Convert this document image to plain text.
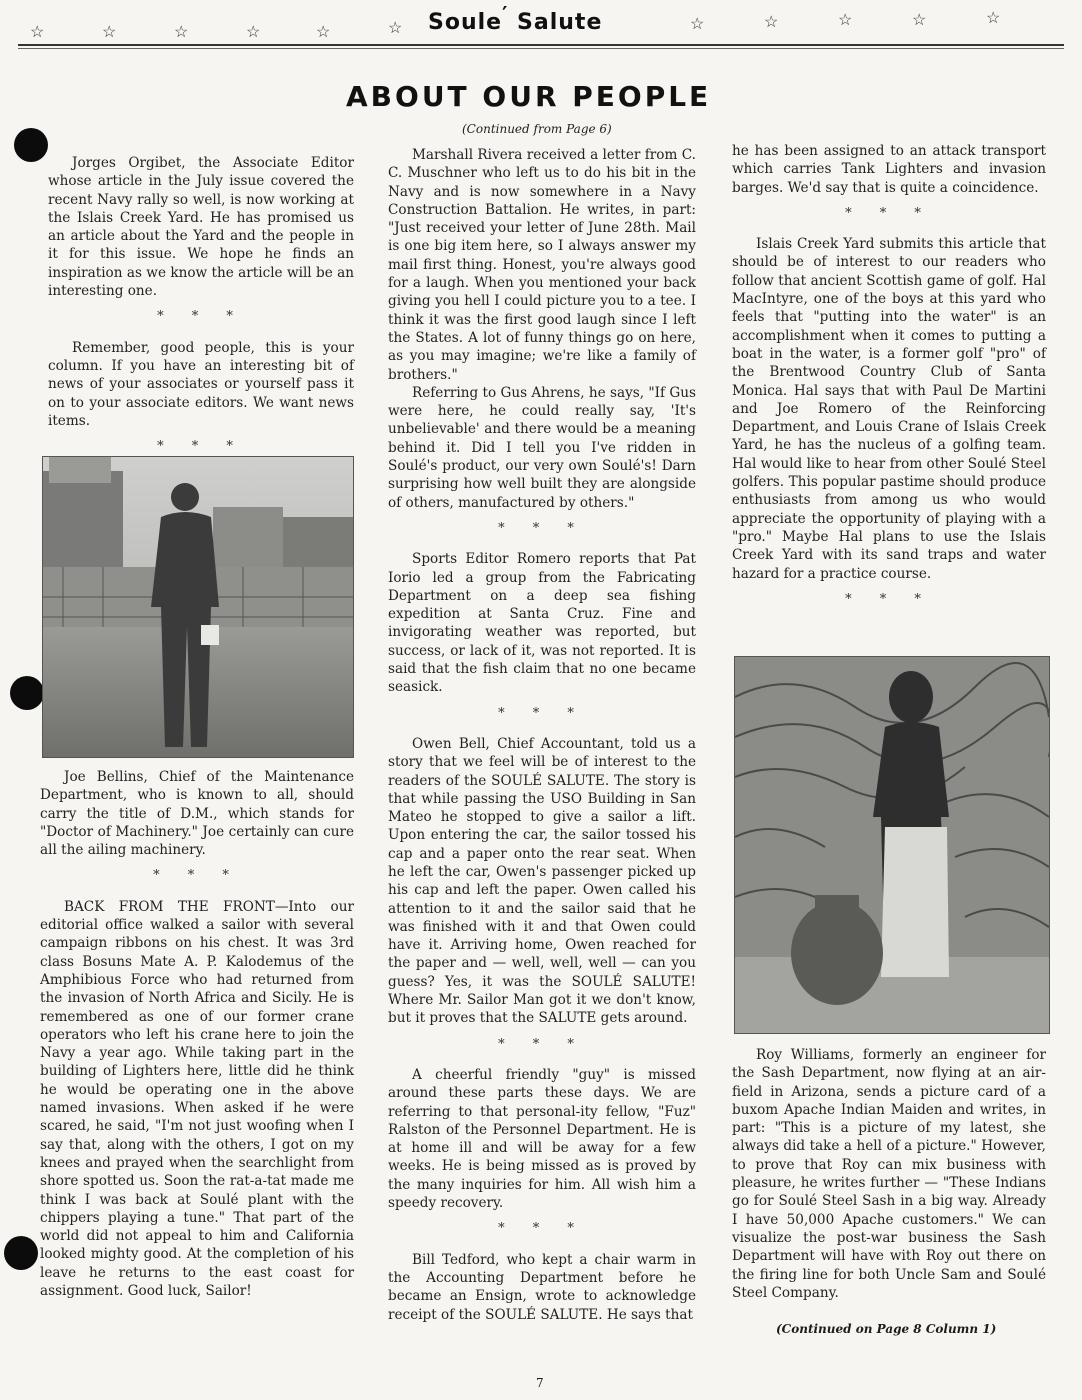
☆	☆	☆	☆	☆	☆ Soule′ Salute	☆	☆	☆	☆	☆
ABOUT OUR PEOPLE
(Continued from Page 6)

Jorges Orgibet, the Associate Editor whose article in the July issue covered the recent Navy rally so well, is now working at the Islais Creek Yard. He has promised us an article about the Yard and the people in it for this issue. We hope he finds an inspiration as we know the article will be an interesting one.

* * *

Remember, good people, this is your column. If you have an interesting bit of news of your associates or yourself pass it on to your associate editors. We want news items.

* * *

Joe Bellins, Chief of the Maintenance Department, who is known to all, should carry the title of D.M., which stands for "Doctor of Machinery." Joe certainly can cure all the ailing machinery.

* * *

BACK FROM THE FRONT—Into our editorial office walked a sailor with several campaign ribbons on his chest. It was 3rd class Bosuns Mate A. P. Kalodemus of the Amphibious Force who had returned from the invasion of North Africa and Sicily. He is remembered as one of our former crane operators who left his crane here to join the Navy a year ago. While taking part in the building of Lighters here, little did he think he would be operating one in the above named invasions. When asked if he were scared, he said, "I'm not just woofing when I say that, along with the others, I got on my knees and prayed when the searchlight from shore spotted us. Soon the rat-a-tat made me think I was back at Soulé plant with the chippers playing a tune." That part of the world did not appeal to him and California looked mighty good. At the completion of his leave he returns to the east coast for assignment. Good luck, Sailor!

Marshall Rivera received a letter from C. C. Muschner who left us to do his bit in the Navy and is now somewhere in a Navy Construction Battalion. He writes, in part: "Just received your letter of June 28th. Mail is one big item here, so I always answer my mail first thing. Honest, you're always good for a laugh. When you mentioned your back giving you hell I could picture you to a tee. I think it was the first good laugh since I left the States. A lot of funny things go on here, as you may imagine; we're like a family of brothers."

Referring to Gus Ahrens, he says, "If Gus were here, he could really say, 'It's unbelievable' and there would be a meaning behind it. Did I tell you I've ridden in Soulé's product, our very own Soulé's! Darn surprising how well built they are alongside of others, manufactured by others."

* * *

Sports Editor Romero reports that Pat Iorio led a group from the Fabricating Department on a deep sea fishing expedition at Santa Cruz. Fine and invigorating weather was reported, but success, or lack of it, was not reported. It is said that the fish claim that no one became seasick.

* * *

Owen Bell, Chief Accountant, told us a story that we feel will be of interest to the readers of the SOULÉ SALUTE. The story is that while passing the USO Building in San Mateo he stopped to give a sailor a lift. Upon entering the car, the sailor tossed his cap and a paper onto the rear seat. When he left the car, Owen's passenger picked up his cap and left the paper. Owen called his attention to it and the sailor said that he was finished with it and that Owen could have it. Arriving home, Owen reached for the paper and — well, well, well — can you guess? Yes, it was the SOULÉ SALUTE! Where Mr. Sailor Man got it we don't know, but it proves that the SALUTE gets around.

* * *

A cheerful friendly "guy" is missed around these parts these days. We are referring to that personal-ity fellow, "Fuz" Ralston of the Personnel Department. He is at home ill and will be away for a few weeks. He is being missed as is proved by the many inquiries for him. All wish him a speedy recovery.

* * *

Bill Tedford, who kept a chair warm in the Accounting Department before he became an Ensign, wrote to acknowledge receipt of the SOULÉ SALUTE. He says that

he has been assigned to an attack transport which carries Tank Lighters and invasion barges. We'd say that is quite a coincidence.

* * *

Islais Creek Yard submits this article that should be of interest to our readers who follow that ancient Scottish game of golf. Hal MacIntyre, one of the boys at this yard who feels that "putting into the water" is an accomplishment when it comes to putting a boat in the water, is a former golf "pro" of the Brentwood Country Club of Santa Monica. Hal says that with Paul De Martini and Joe Romero of the Reinforcing Department, and Louis Crane of Islais Creek Yard, he has the nucleus of a golfing team. Hal would like to hear from other Soulé Steel golfers. This popular pastime should produce enthusiasts from among us who would appreciate the opportunity of playing with a "pro." Maybe Hal plans to use the Islais Creek Yard with its sand traps and water hazard for a practice course.

* * *

Roy Williams, formerly an engineer for the Sash Department, now flying at an air-field in Arizona, sends a picture card of a buxom Apache Indian Maiden and writes, in part: "This is a picture of my latest, she always did take a hell of a picture." However, to prove that Roy can mix business with pleasure, he writes further — "These Indians go for Soulé Steel Sash in a big way. Already I have 50,000 Apache customers." We can visualize the post-war business the Sash Department will have with Roy out there on the firing line for both Uncle Sam and Soulé Steel Company.

(Continued on Page 8 Column 1)
7
